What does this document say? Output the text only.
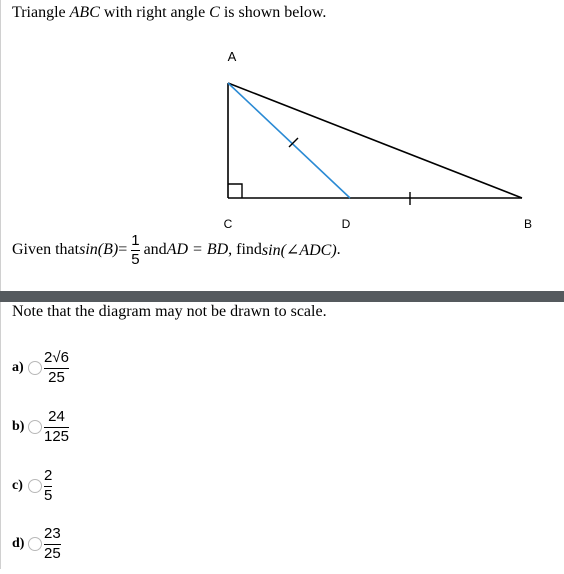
Triangle ABC with right angle C is shown below.
A
C	D	B
Given that $\sin(B) = \frac{1}{5}$ and AD = BD , find sin(∠ADC) .
Note that the diagram may not be drawn to scale.
a)
2√6
25
b)
24
125
c)
2
5
d)
23
25
